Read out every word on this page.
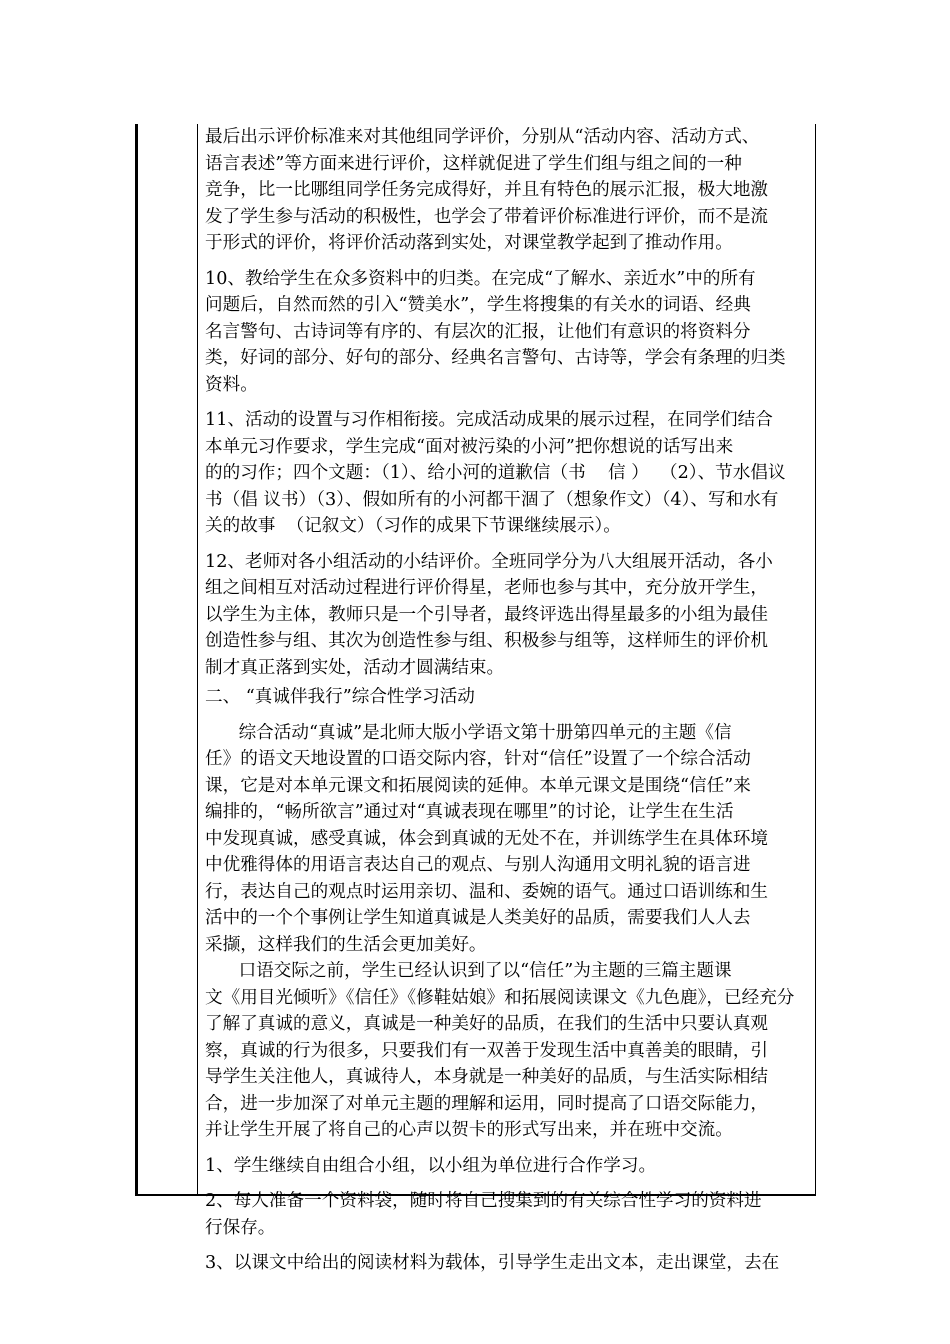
最后出示评价标准来对其他组同学评价，分别从“活动内容、活动方式、
语言表述”等方面来进行评价，这样就促进了学生们组与组之间的一种
竞争，比一比哪组同学任务完成得好，并且有特色的展示汇报，极大地激
发了学生参与活动的积极性，也学会了带着评价标准进行评价，而不是流
于形式的评价，将评价活动落到实处，对课堂教学起到了推动作用。

10、教给学生在众多资料中的归类。在完成“了解水、亲近水”中的所有
问题后，自然而然的引入“赞美水”，学生将搜集的有关水的词语、经典
名言警句、古诗词等有序的、有层次的汇报，让他们有意识的将资料分
类，好词的部分、好句的部分、经典名言警句、古诗等，学会有条理的归类
资料。

11、活动的设置与习作相衔接。完成活动成果的展示过程，在同学们结合
本单元习作要求，学生完成“面对被污染的小河”把你想说的话写出来
的的习作；四个文题：（1）、给小河的道歉信（书    信 ）  （2）、节水倡议
书（倡 议书）（3）、假如所有的小河都干涸了（想象作文）（4）、写和水有
关的故事  （记叙文）（习作的成果下节课继续展示）。

12、老师对各小组活动的小结评价。全班同学分为八大组展开活动，各小
组之间相互对活动过程进行评价得星，老师也参与其中，充分放开学生，
以学生为主体，教师只是一个引导者，最终评选出得星最多的小组为最佳
创造性参与组、其次为创造性参与组、积极参与组等，这样师生的评价机
制才真正落到实处，活动才圆满结束。

二、 “真诚伴我行”综合性学习活动

综合活动“真诚”是北师大版小学语文第十册第四单元的主题《信
任》的语文天地设置的口语交际内容，针对“信任”设置了一个综合活动
课，它是对本单元课文和拓展阅读的延伸。本单元课文是围绕“信任”来
编排的，“畅所欲言”通过对“真诚表现在哪里”的讨论，让学生在生活
中发现真诚，感受真诚，体会到真诚的无处不在，并训练学生在具体环境
中优雅得体的用语言表达自己的观点、与别人沟通用文明礼貌的语言进
行，表达自己的观点时运用亲切、温和、委婉的语气。通过口语训练和生
活中的一个个事例让学生知道真诚是人类美好的品质，需要我们人人去
采撷，这样我们的生活会更加美好。
口语交际之前，学生已经认识到了以“信任”为主题的三篇主题课
文《用目光倾听》《信任》《修鞋姑娘》和拓展阅读课文《九色鹿》，已经充分
了解了真诚的意义，真诚是一种美好的品质，在我们的生活中只要认真观
察，真诚的行为很多，只要我们有一双善于发现生活中真善美的眼睛，引
导学生关注他人，真诚待人，本身就是一种美好的品质，与生活实际相结
合，进一步加深了对单元主题的理解和运用，同时提高了口语交际能力，
并让学生开展了将自己的心声以贺卡的形式写出来，并在班中交流。

1、学生继续自由组合小组，以小组为单位进行合作学习。

2、每人准备一个资料袋，随时将自己搜集到的有关综合性学习的资料进
行保存。

3、以课文中给出的阅读材料为载体，引导学生走出文本，走出课堂，去在
